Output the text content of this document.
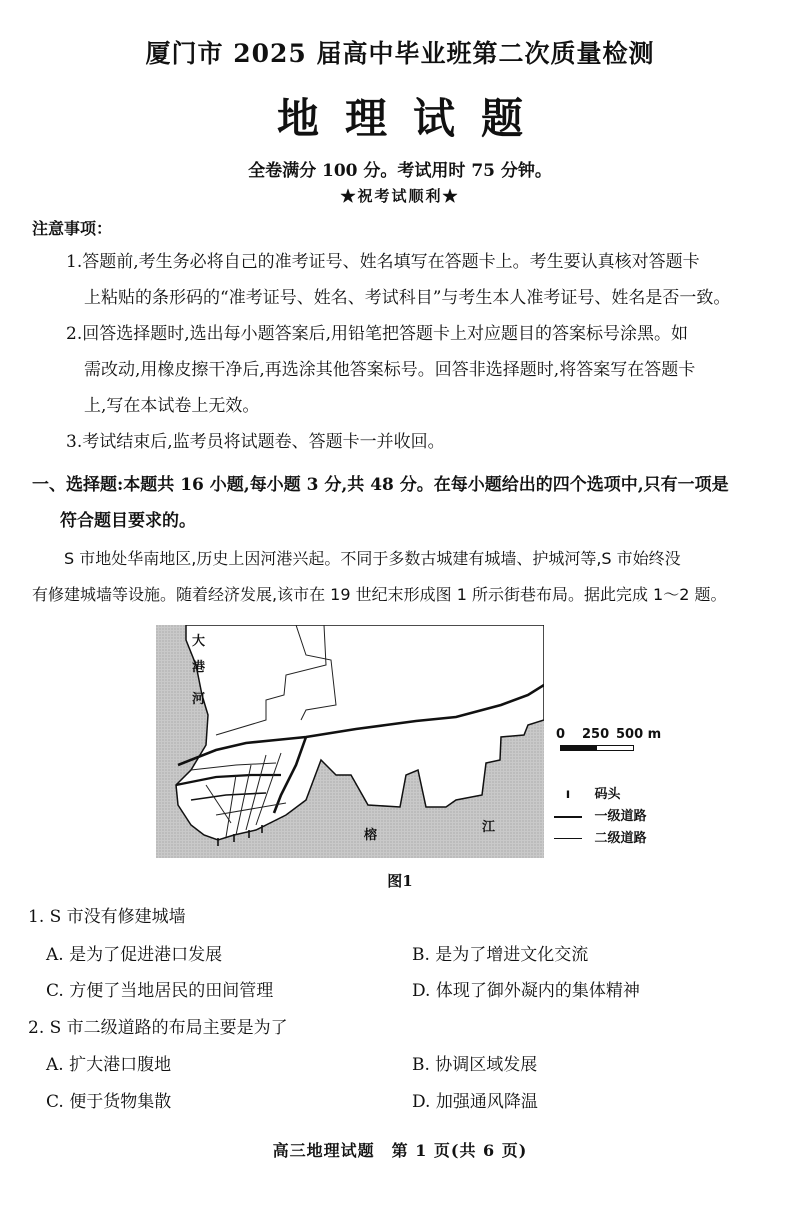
厦门市 2025 届高中毕业班第二次质量检测
地理试题
全卷满分 100 分。考试用时 75 分钟。
★祝考试顺利★
注意事项：
1.答题前,考生务必将自己的准考证号、姓名填写在答题卡上。考生要认真核对答题卡
上粘贴的条形码的“准考证号、姓名、考试科目”与考生本人准考证号、姓名是否一致。
2.回答选择题时,选出每小题答案后,用铅笔把答题卡上对应题目的答案标号涂黑。如
需改动,用橡皮擦干净后,再选涂其他答案标号。回答非选择题时,将答案写在答题卡
上,写在本试卷上无效。
3.考试结束后,监考员将试题卷、答题卡一并收回。
一、选择题:本题共 16 小题,每小题 3 分,共 48 分。在每小题给出的四个选项中,只有一项是
符合题目要求的。
S 市地处华南地区,历史上因河港兴起。不同于多数古城建有城墙、护城河等,S 市始终没
有修建城墙等设施。随着经济发展,该市在 19 世纪末形成图 1 所示街巷布局。据此完成 1～2 题。
大
港
河
榕
江
0 250 500 m
ı 码头
一级道路
二级道路
图1
1. S 市没有修建城墙
A. 是为了促进港口发展	B. 是为了增进文化交流
C. 方便了当地居民的田间管理	D. 体现了御外凝内的集体精神
2. S 市二级道路的布局主要是为了
A. 扩大港口腹地	B. 协调区域发展
C. 便于货物集散	D. 加强通风降温
高三地理试题　第 1 页(共 6 页)
